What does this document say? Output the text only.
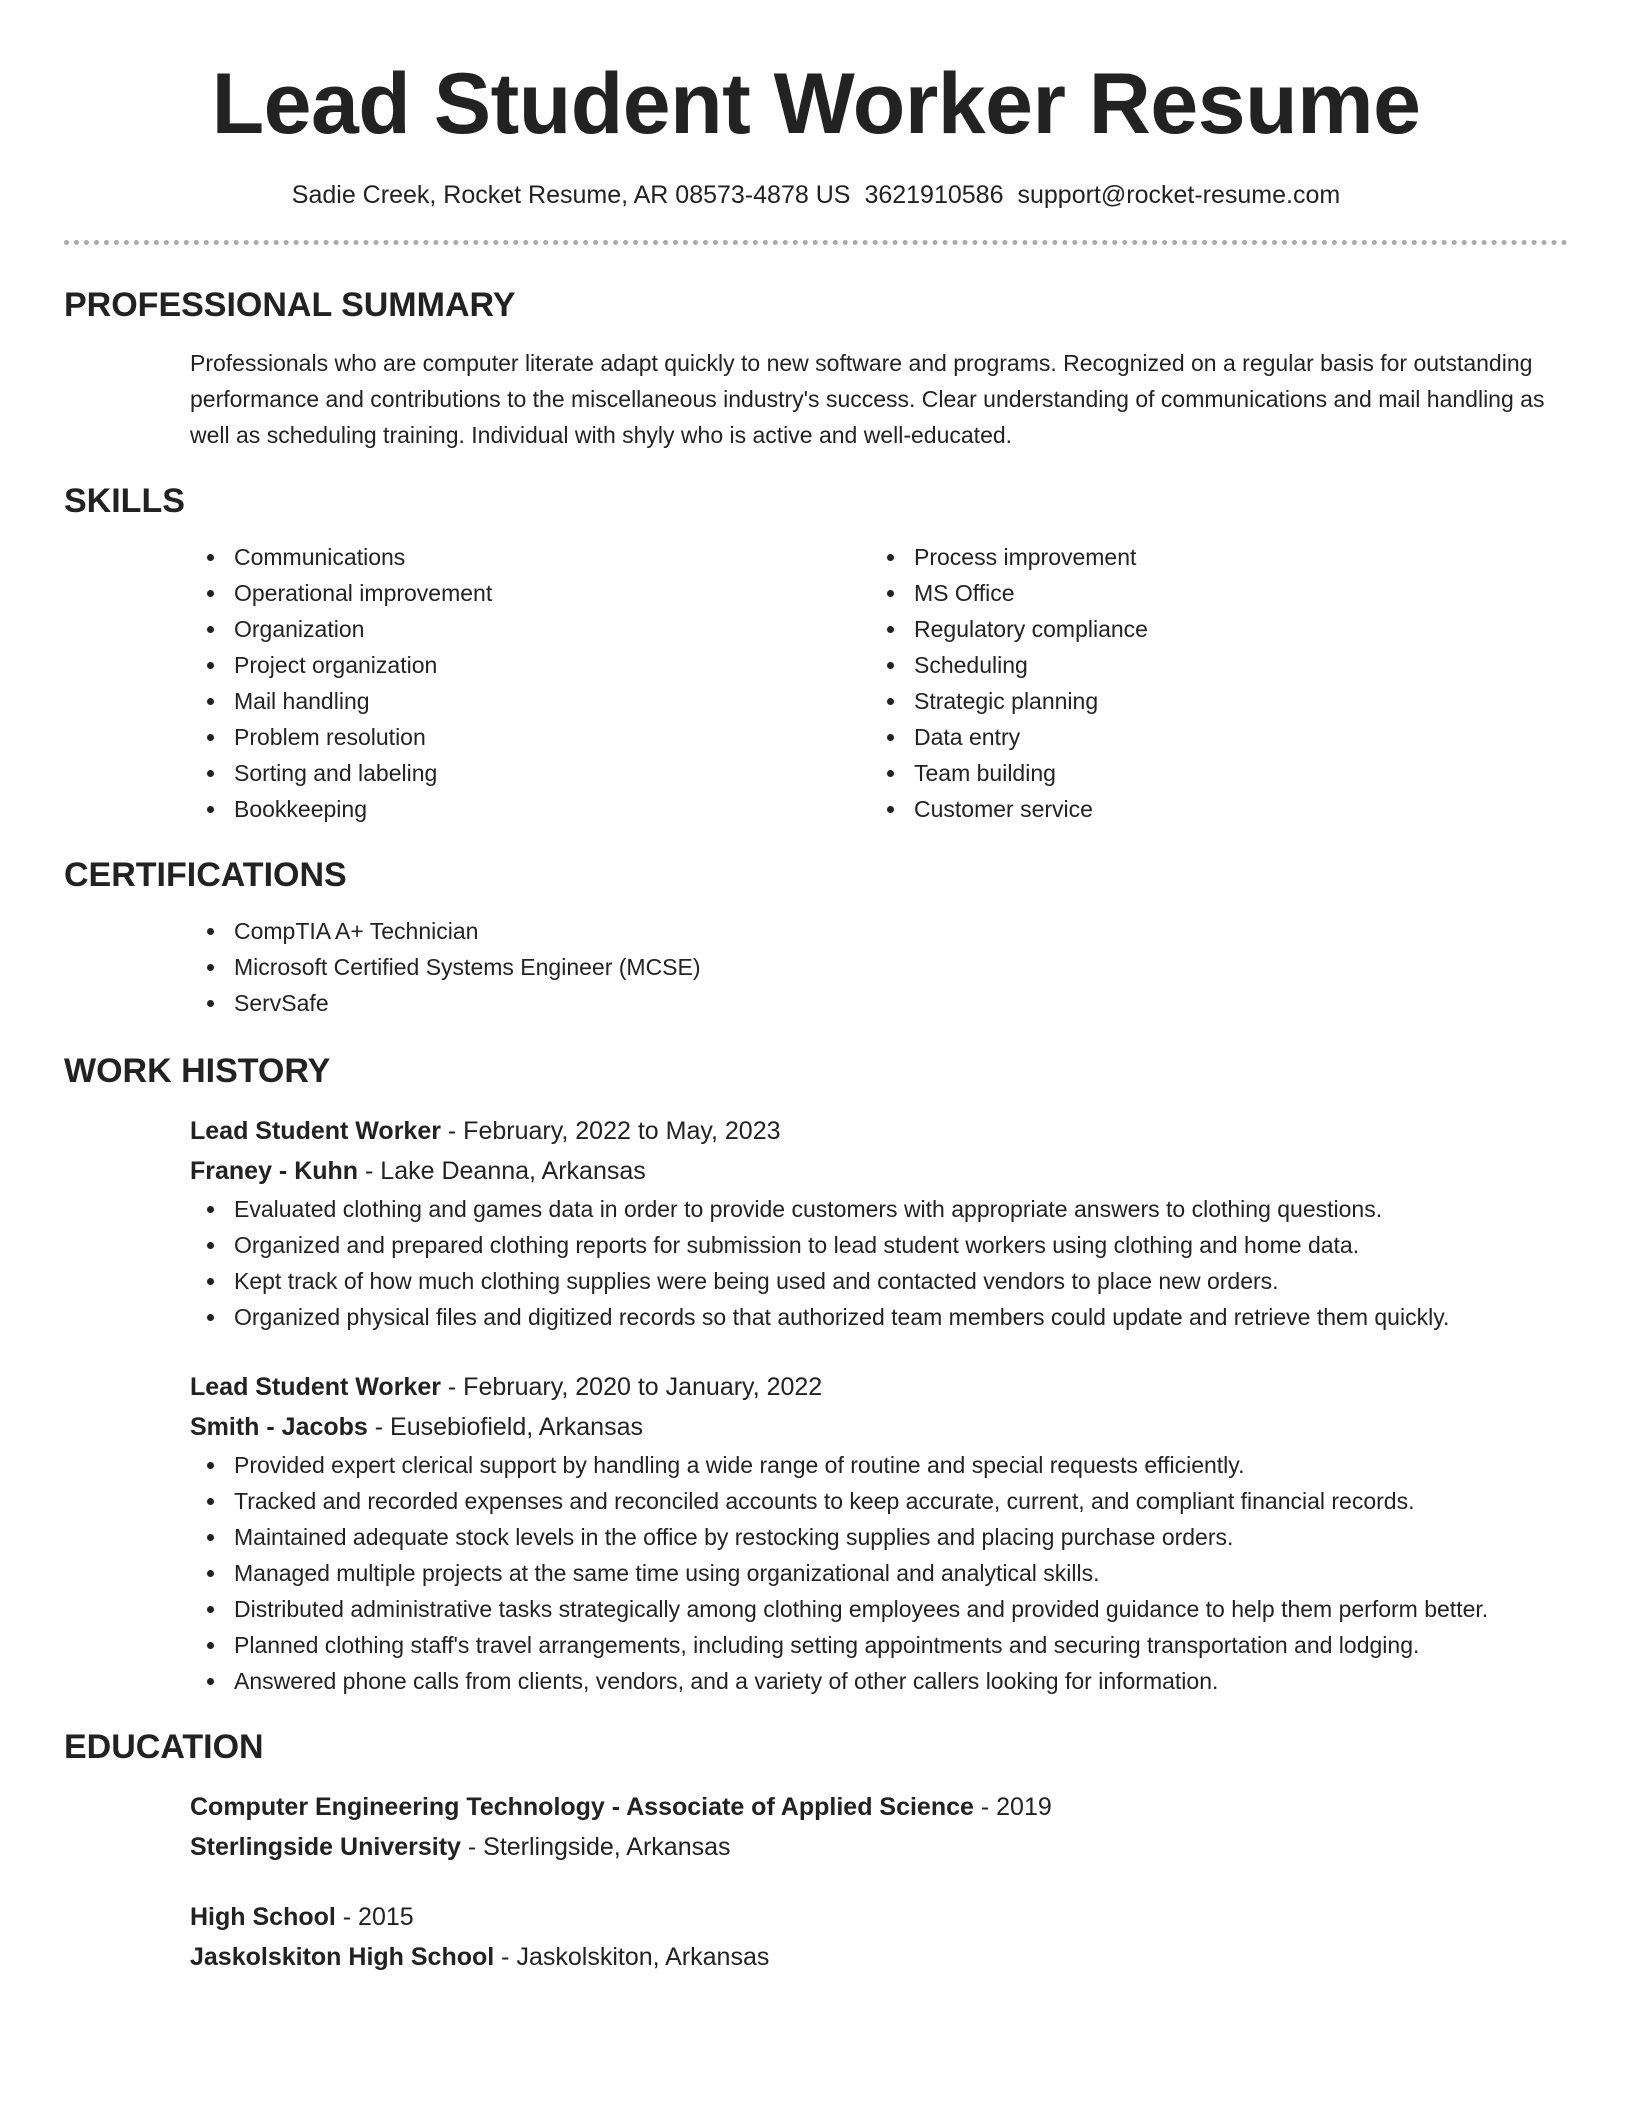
Lead Student Worker Resume
Sadie Creek, Rocket Resume, AR 08573-4878 US 3621910586 support@rocket-resume.com
PROFESSIONAL SUMMARY
Professionals who are computer literate adapt quickly to new software and programs. Recognized on a regular basis for outstanding performance and contributions to the miscellaneous industry's success. Clear understanding of communications and mail handling as well as scheduling training. Individual with shyly who is active and well-educated.
SKILLS
Communications
Operational improvement
Organization
Project organization
Mail handling
Problem resolution
Sorting and labeling
Bookkeeping
Process improvement
MS Office
Regulatory compliance
Scheduling
Strategic planning
Data entry
Team building
Customer service
CERTIFICATIONS
CompTIA A+ Technician
Microsoft Certified Systems Engineer (MCSE)
ServSafe
WORK HISTORY
Lead Student Worker - February, 2022 to May, 2023
Franey - Kuhn - Lake Deanna, Arkansas
Evaluated clothing and games data in order to provide customers with appropriate answers to clothing questions.
Organized and prepared clothing reports for submission to lead student workers using clothing and home data.
Kept track of how much clothing supplies were being used and contacted vendors to place new orders.
Organized physical files and digitized records so that authorized team members could update and retrieve them quickly.
Lead Student Worker - February, 2020 to January, 2022
Smith - Jacobs - Eusebiofield, Arkansas
Provided expert clerical support by handling a wide range of routine and special requests efficiently.
Tracked and recorded expenses and reconciled accounts to keep accurate, current, and compliant financial records.
Maintained adequate stock levels in the office by restocking supplies and placing purchase orders.
Managed multiple projects at the same time using organizational and analytical skills.
Distributed administrative tasks strategically among clothing employees and provided guidance to help them perform better.
Planned clothing staff's travel arrangements, including setting appointments and securing transportation and lodging.
Answered phone calls from clients, vendors, and a variety of other callers looking for information.
EDUCATION
Computer Engineering Technology - Associate of Applied Science - 2019
Sterlingside University - Sterlingside, Arkansas
High School - 2015
Jaskolskiton High School - Jaskolskiton, Arkansas
